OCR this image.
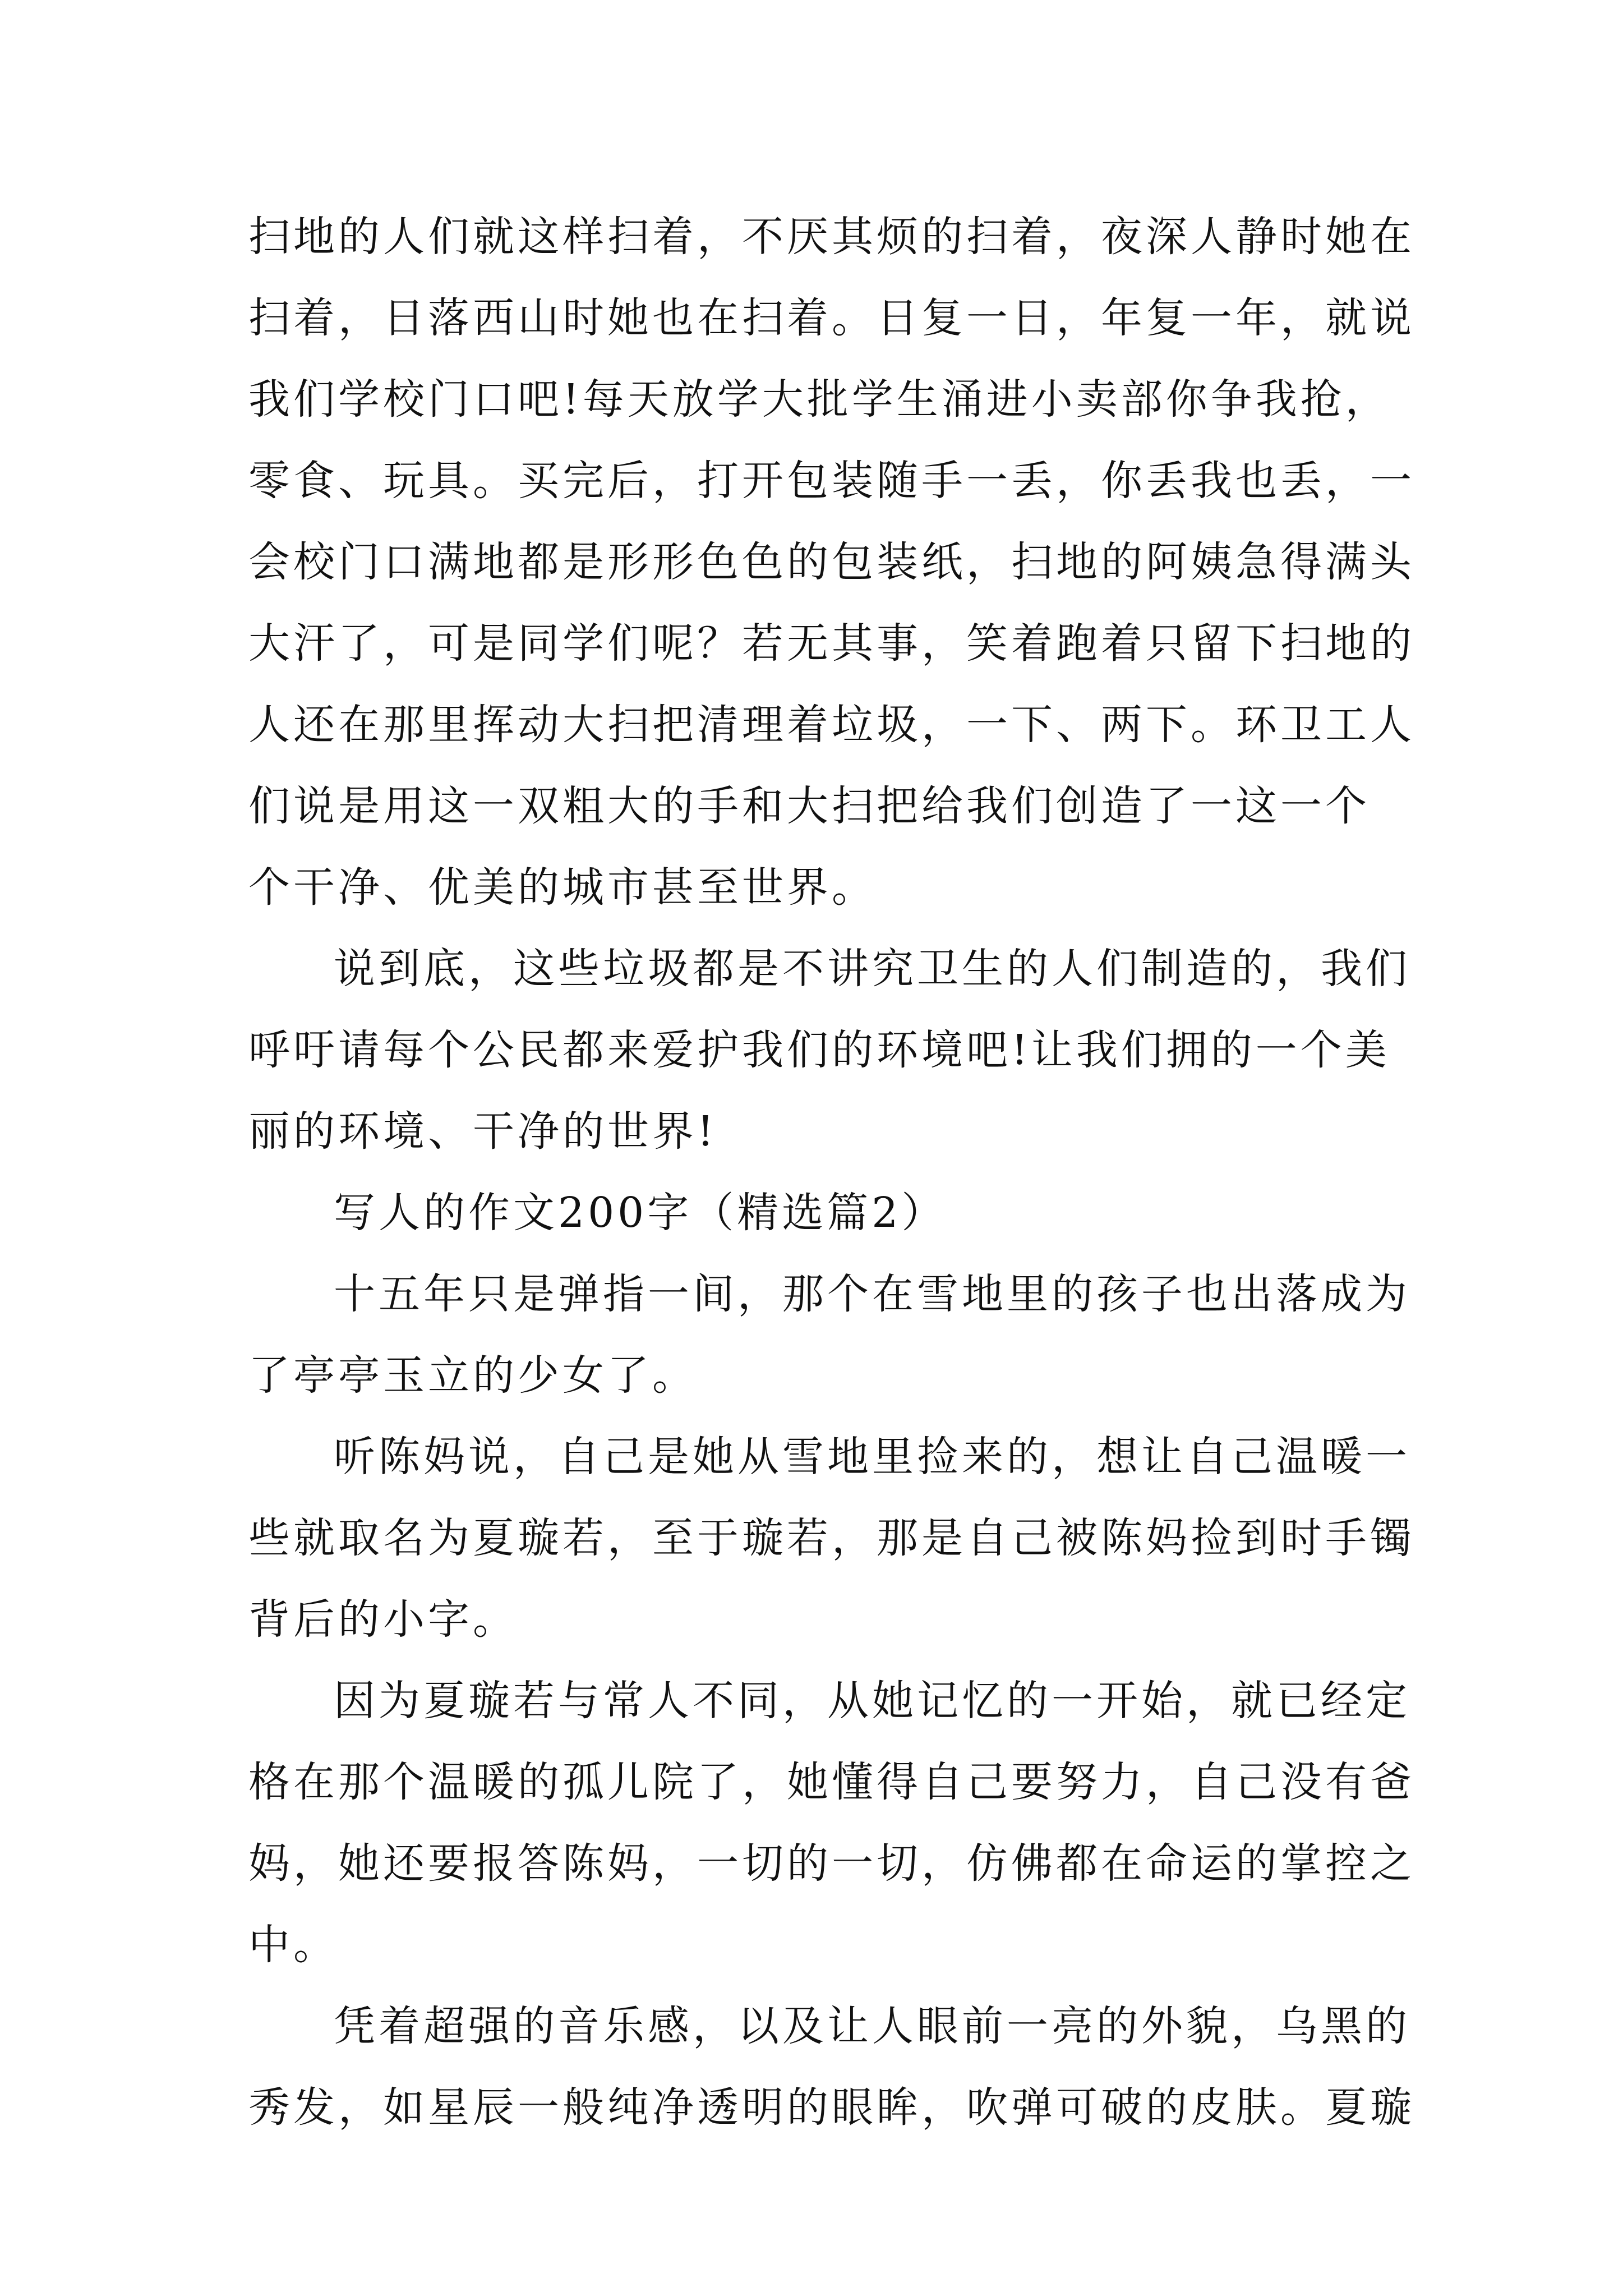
扫地的人们就这样扫着，不厌其烦的扫着，夜深人静时她在
扫着，日落西山时她也在扫着。日复一日，年复一年，就说
我们学校门口吧!每天放学大批学生涌进小卖部你争我抢，
零食、玩具。买完后，打开包装随手一丢，你丢我也丢，一
会校门口满地都是形形色色的包装纸，扫地的阿姨急得满头
大汗了，可是同学们呢？若无其事，笑着跑着只留下扫地的
人还在那里挥动大扫把清理着垃圾，一下、两下。环卫工人
们说是用这一双粗大的手和大扫把给我们创造了一这一个
个干净、优美的城市甚至世界。
说到底，这些垃圾都是不讲究卫生的人们制造的，我们
呼吁请每个公民都来爱护我们的环境吧!让我们拥的一个美
丽的环境、干净的世界!
写人的作文200字（精选篇2）
十五年只是弹指一间，那个在雪地里的孩子也出落成为
了亭亭玉立的少女了。
听陈妈说，自己是她从雪地里捡来的，想让自己温暖一
些就取名为夏璇若，至于璇若，那是自己被陈妈捡到时手镯
背后的小字。
因为夏璇若与常人不同，从她记忆的一开始，就已经定
格在那个温暖的孤儿院了，她懂得自己要努力，自己没有爸
妈，她还要报答陈妈，一切的一切，仿佛都在命运的掌控之
中。
凭着超强的音乐感，以及让人眼前一亮的外貌，乌黑的
秀发，如星辰一般纯净透明的眼眸，吹弹可破的皮肤。夏璇
